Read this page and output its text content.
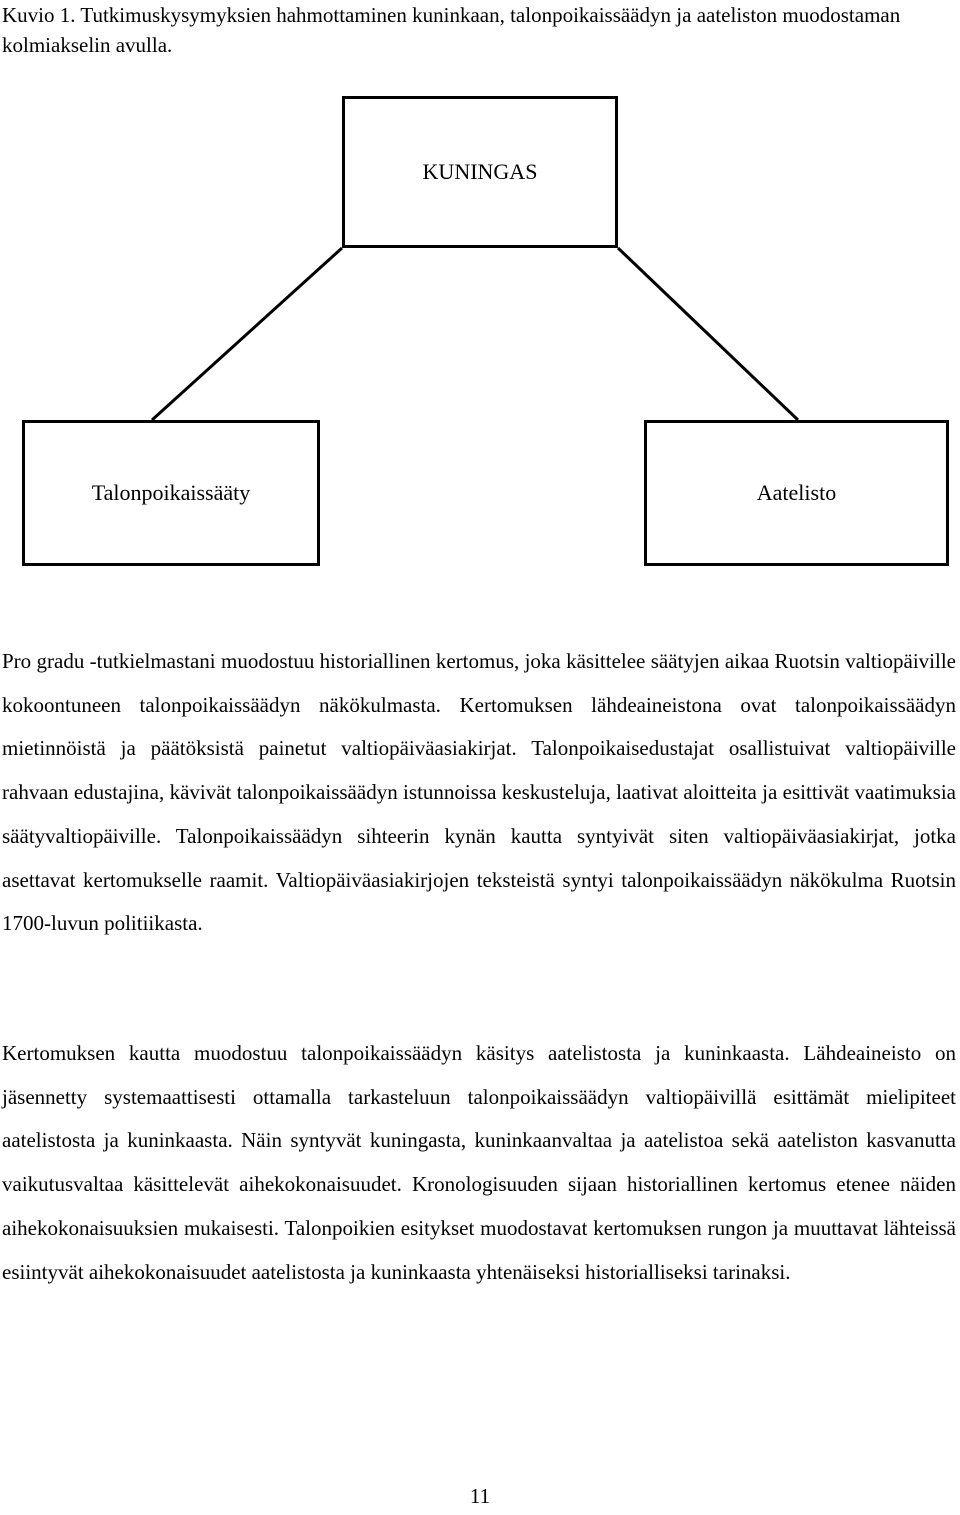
Kuvio 1. Tutkimuskysymyksien hahmottaminen kuninkaan, talonpoikaissäädyn ja aateliston muodostaman kolmiakselin avulla.

KUNINGAS
Talonpoikaissääty	Aatelisto

Pro gradu -tutkielmastani muodostuu historiallinen kertomus, joka käsittelee säätyjen aikaa Ruotsin valtiopäiville kokoontuneen talonpoikaissäädyn näkökulmasta. Kertomuksen lähdeaineistona ovat talonpoikaissäädyn mietinnöistä ja päätöksistä painetut valtiopäiväasiakirjat. Talonpoikaisedustajat osallistuivat valtiopäiville rahvaan edustajina, kävivät talonpoikaissäädyn istunnoissa keskusteluja, laativat aloitteita ja esittivät vaatimuksia säätyvaltiopäiville. Talonpoikaissäädyn sihteerin kynän kautta syntyivät siten valtiopäiväasiakirjat, jotka asettavat kertomukselle raamit. Valtiopäiväasiakirjojen teksteistä syntyi talonpoikaissäädyn näkökulma Ruotsin 1700-luvun politiikasta.

Kertomuksen kautta muodostuu talonpoikaissäädyn käsitys aatelistosta ja kuninkaasta. Lähdeaineisto on jäsennetty systemaattisesti ottamalla tarkasteluun talonpoikaissäädyn valtiopäivillä esittämät mielipiteet aatelistosta ja kuninkaasta. Näin syntyvät kuningasta, kuninkaanvaltaa ja aatelistoa sekä aateliston kasvanutta vaikutusvaltaa käsittelevät aihekokonaisuudet. Kronologisuuden sijaan historiallinen kertomus etenee näiden aihekokonaisuuksien mukaisesti. Talonpoikien esitykset muodostavat kertomuksen rungon ja muuttavat lähteissä esiintyvät aihekokonaisuudet aatelistosta ja kuninkaasta yhtenäiseksi historialliseksi tarinaksi.

11
